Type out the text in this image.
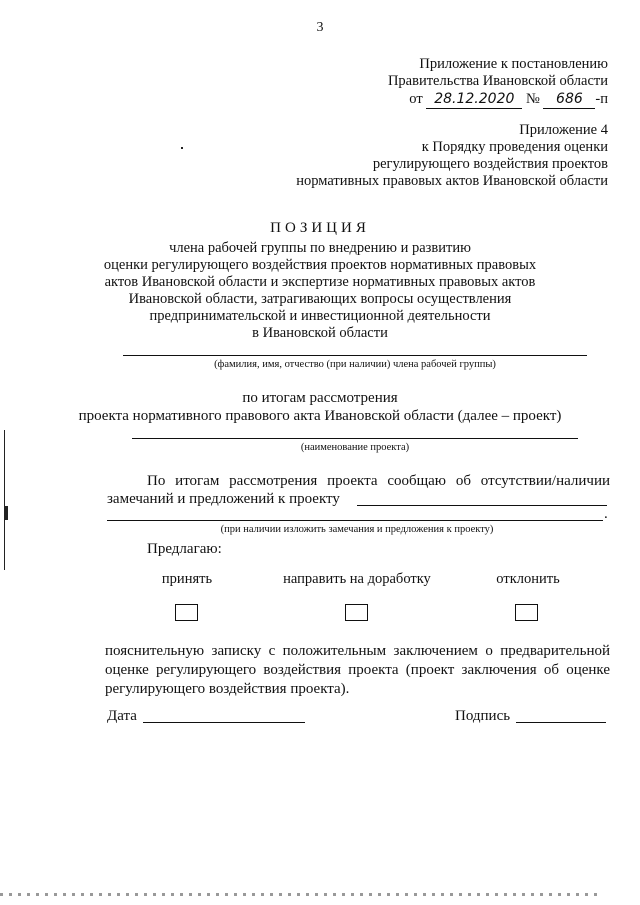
3
Приложение к постановлению
Правительства Ивановской области
от 28.12.2020 № 686 -п
Приложение 4
к Порядку проведения оценки
регулирующего воздействия проектов
нормативных правовых актов Ивановской области
ПОЗИЦИЯ
члена рабочей группы по внедрению и развитию
оценки регулирующего воздействия проектов нормативных правовых
актов Ивановской области и экспертизе нормативных правовых актов
Ивановской области, затрагивающих вопросы осуществления
предпринимательской и инвестиционной деятельности
в Ивановской области
(фамилия, имя, отчество (при наличии) члена рабочей группы)
по итогам рассмотрения
проекта нормативного правового акта Ивановской области (далее – проект)
(наименование проекта)
По итогам рассмотрения проекта сообщаю об отсутствии/наличии
замечаний и предложений к проекту
.
(при наличии изложить замечания и предложения к проекту)
Предлагаю:
принять	направить на доработку	отклонить
пояснительную записку с положительным заключением о предварительной оценке регулирующего воздействия проекта (проект заключения об оценке регулирующего воздействия проекта).
Дата	Подпись
